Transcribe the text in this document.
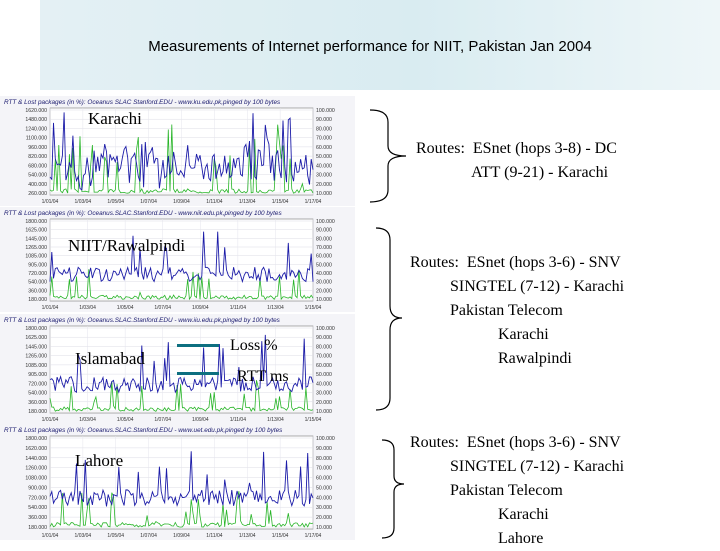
Measurements of Internet performance for NIIT, Pakistan Jan 2004
RTT & Lost packages (in %): Oceanus SLAC Stanford.EDU - www.ku.edu.pk,pinged by 100 bytes
1620.000	100.000
1480.000	90.000
1240.000	80.000
1100.000	70.000
960.000	60.000
820.000	50.000
680.000	40.000
540.000	30.000
400.000	20.000
260.000	10.000
1/01/04	1/03/04	1/05/04	1/07/04	1/09/04	1/11/04	1/13/04	1/15/04	1/17/04
RTT & Lost packages (in %): Oceanus.SLAC.Stanford.EDU - www.niit.edu.pk,pinged by 100 bytes
1800.000	100.000
1625.000	90.000
1445.000	80.000
1265.000	70.000
1085.000	60.000
905.000	50.000
720.000	40.000
540.000	30.000
360.000	20.000
180.000	10.000
1/01/04	1/03/04	1/05/04	1/07/04	1/09/04	1/11/04	1/13/04	1/15/04
RTT & Lost packages (in %): Oceanus.SLAC.Stanford.EDU - www.iiu.edu.pk,pinged by 100 bytes
1800.000	100.000
1625.000	90.000
1445.000	80.000
1265.000	70.000
1085.000	60.000
905.000	50.000
720.000	40.000
540.000	30.000
360.000	20.000
180.000	10.000
1/01/04	1/03/04	1/05/04	1/07/04	1/09/04	1/11/04	1/13/04	1/15/04
RTT & Lost packages (in %): Oceanus.SLAC.Stanford.EDU - www.uet.edu.pk,pinged by 100 bytes
1800.000	100.000
1620.000	90.000
1440.000	80.000
1260.000	70.000
1080.000	60.000
900.000	50.000
720.000	40.000
540.000	30.000
360.000	20.000
180.000	10.000
1/01/04	1/03/04	1/05/04	1/07/04	1/09/04	1/11/04	1/13/04	1/15/04	1/17/04
Karachi
NIIT/Rawalpindi
Islamabad
Lahore
Loss %
RTT ms
Routes:  ESnet (hops 3-8) - DC
ATT (9-21) - Karachi
Routes:  ESnet (hops 3-6) - SNV
SINGTEL (7-12) - Karachi
Pakistan Telecom
Karachi
Rawalpindi
Routes:  ESnet (hops 3-6) - SNV
SINGTEL (7-12) - Karachi
Pakistan Telecom
Karachi
Lahore
